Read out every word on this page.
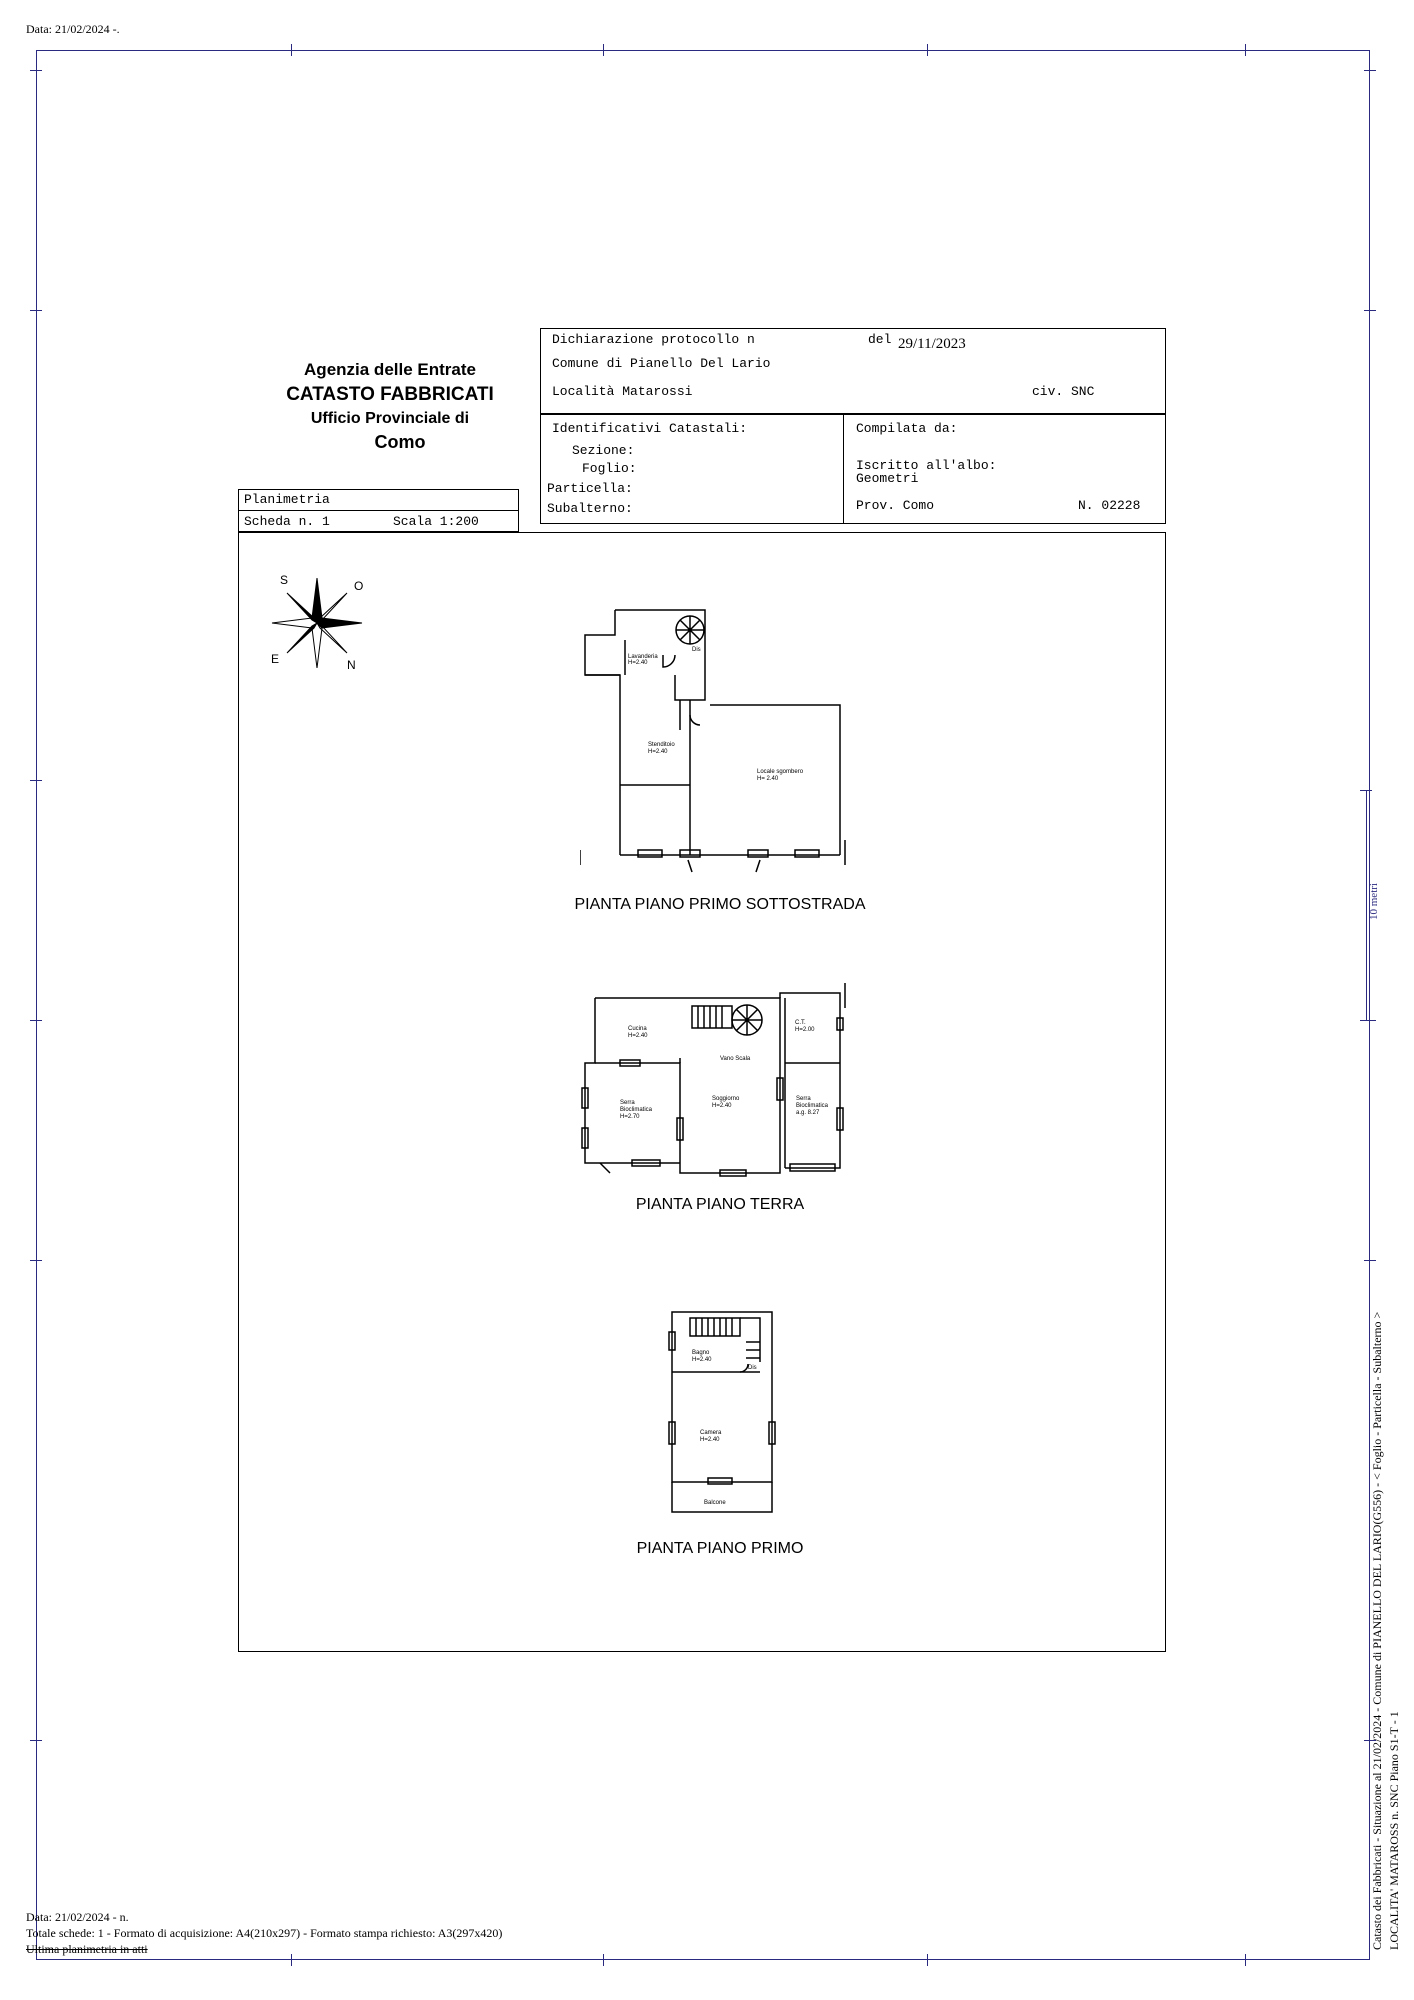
Data: 21/02/2024 -.
Agenzia delle Entrate
CATASTO FABBRICATI
Ufficio Provinciale di
Como
Dichiarazione protocollo n	del 29/11/2023
Comune di Pianello Del Lario
Località Matarossi	civ. SNC
Identificativi Catastali:
Sezione:
Foglio:
Particella:
Subalterno:
Compilata da:
Iscritto all'albo:
Geometri
Prov. Como	N. 02228
Planimetria
Scheda n. 1	Scala 1:200
S	O
E	N
Lavanderia
H=2.40
Dis
Stenditoio
H=2.40
Locale sgombero
H= 2.40
PIANTA PIANO PRIMO SOTTOSTRADA
Cucina
H=2.40
Vano Scala
C.T.
H=2.00
Serra
Bioclimatica
H=2.70
Soggiorno
H=2.40
Serra
Bioclimatica
a.g. 8.27
PIANTA PIANO TERRA
Bagno
H=2.40
Dis
Camera
H=2.40
Balcone
PIANTA PIANO PRIMO
10 metri
Catasto dei Fabbricati - Situazione al 21/02/2024 - Comune di PIANELLO DEL LARIO(G556) - < Foglio - Particella - Subalterno > LOCALITA' MATAROSS n. SNC Piano S1-T - 1
Data: 21/02/2024 - n.
Totale schede: 1 - Formato di acquisizione: A4(210x297) - Formato stampa richiesto: A3(297x420)
Ultima planimetria in atti
